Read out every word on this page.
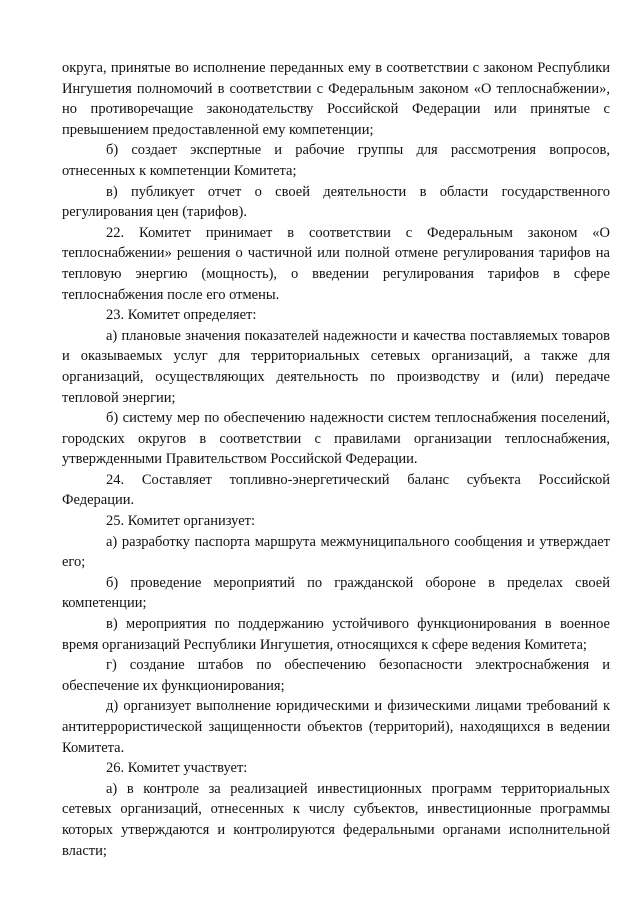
округа, принятые во исполнение переданных ему в соответствии с законом Республики Ингушетия полномочий в соответствии с Федеральным законом «О теплоснабжении», но противоречащие законодательству Российской Федерации или принятые с превышением предоставленной ему компетенции;

б) создает экспертные и рабочие группы для рассмотрения вопросов, отнесенных к компетенции Комитета;

в) публикует отчет о своей деятельности в области государственного регулирования цен (тарифов).

22. Комитет принимает в соответствии с Федеральным законом «О теплоснабжении» решения о частичной или полной отмене регулирования тарифов на тепловую энергию (мощность), о введении регулирования тарифов в сфере теплоснабжения после его отмены.

23. Комитет определяет:

а) плановые значения показателей надежности и качества поставляемых товаров и оказываемых услуг для территориальных сетевых организаций, а также для организаций, осуществляющих деятельность по производству и (или) передаче тепловой энергии;

б) систему мер по обеспечению надежности систем теплоснабжения поселений, городских округов в соответствии с правилами организации теплоснабжения, утвержденными Правительством Российской Федерации.

24. Составляет топливно-энергетический баланс субъекта Российской Федерации.

25. Комитет организует:

а) разработку паспорта маршрута межмуниципального сообщения и утверждает его;

б) проведение мероприятий по гражданской обороне в пределах своей компетенции;

в) мероприятия по поддержанию устойчивого функционирования в военное время организаций Республики Ингушетия, относящихся к сфере ведения Комитета;

г) создание штабов по обеспечению безопасности электроснабжения и обеспечение их функционирования;

д) организует выполнение юридическими и физическими лицами требований к антитеррористической защищенности объектов (территорий), находящихся в ведении Комитета.

26. Комитет участвует:

а) в контроле за реализацией инвестиционных программ территориальных сетевых организаций, отнесенных к числу субъектов, инвестиционные программы которых утверждаются и контролируются федеральными органами исполнительной власти;
